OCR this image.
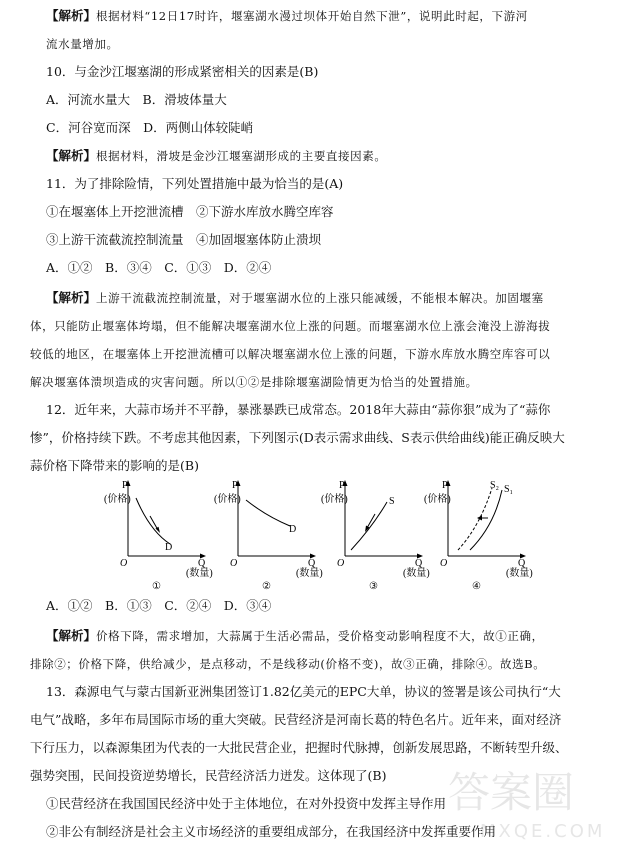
【解析】根据材料“12日17时许，堰塞湖水漫过坝体开始自然下泄”，说明此时起，下游河
流水量增加。
10．与金沙江堰塞湖的形成紧密相关的因素是(B)
A．河流水量大　B．滑坡体量大
C．河谷宽而深　D．两侧山体较陡峭
【解析】根据材料，滑坡是金沙江堰塞湖形成的主要直接因素。
11．为了排除险情，下列处置措施中最为恰当的是(A)
①在堰塞体上开挖泄流槽　②下游水库放水腾空库容
③上游干流截流控制流量　④加固堰塞体防止溃坝
A．①②　B．③④　C．①③　D．②④
【解析】上游干流截流控制流量，对于堰塞湖水位的上涨只能减缓，不能根本解决。加固堰塞
体，只能防止堰塞体垮塌，但不能解决堰塞湖水位上涨的问题。而堰塞湖水位上涨会淹没上游海拔
较低的地区，在堰塞体上开挖泄流槽可以解决堰塞湖水位上涨的问题，下游水库放水腾空库容可以
解决堰塞体溃坝造成的灾害问题。所以①②是排除堰塞湖险情更为恰当的处置措施。
12．近年来，大蒜市场并不平静，暴涨暴跌已成常态。2018年大蒜由“蒜你狠”成为了“蒜你
惨”，价格持续下跌。不考虑其他因素，下列图示(D表示需求曲线、S表示供给曲线)能正确反映大
蒜价格下降带来的影响的是(B)
P
(价格)
D
O	Q
(数量)
①
P
(价格)
D
O	Q
(数量)
②
S
P
(价格)
O	Q
(数量)
③
S₂ S₁
P
(价格)
O	Q
(数量)
④
A．①②　B．①③　C．②④　D．③④
【解析】价格下降，需求增加，大蒜属于生活必需品，受价格变动影响程度不大，故①正确，
排除②；价格下降，供给减少，是点移动，不是线移动(价格不变)，故③正确，排除④。故选B。
13．森源电气与蒙古国新亚洲集团签订1.82亿美元的EPC大单，协议的签署是该公司执行“大
电气”战略，多年布局国际市场的重大突破。民营经济是河南长葛的特色名片。近年来，面对经济
下行压力，以森源集团为代表的一大批民营企业，把握时代脉搏，创新发展思路，不断转型升级、
强势突围，民间投资逆势增长，民营经济活力迸发。这体现了(B)
①民营经济在我国国民经济中处于主体地位，在对外投资中发挥主导作用
②非公有制经济是社会主义市场经济的重要组成部分，在我国经济中发挥重要作用
答案圈
MXQE.COM
